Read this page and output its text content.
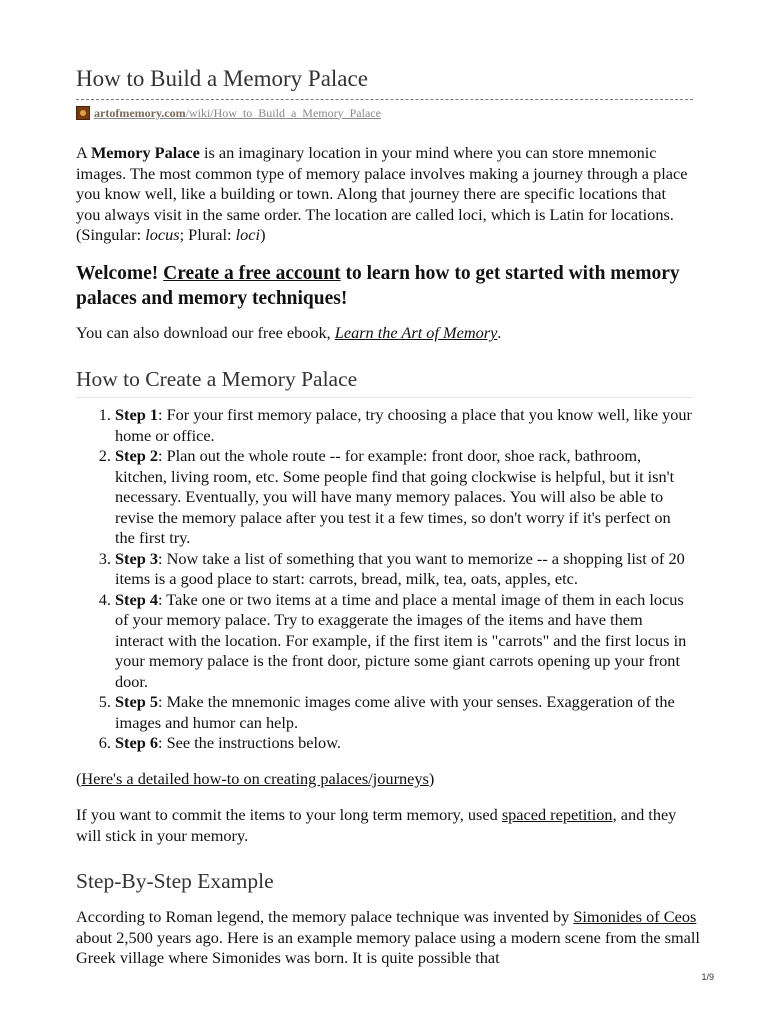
How to Build a Memory Palace
artofmemory.com/wiki/How_to_Build_a_Memory_Palace

A Memory Palace is an imaginary location in your mind where you can store mnemonic images. The most common type of memory palace involves making a journey through a place you know well, like a building or town. Along that journey there are specific locations that you always visit in the same order. The location are called loci, which is Latin for locations. (Singular: locus; Plural: loci)

Welcome! Create a free account to learn how to get started with memory palaces and memory techniques!

You can also download our free ebook, Learn the Art of Memory.

How to Create a Memory Palace
1. Step 1: For your first memory palace, try choosing a place that you know well, like your home or office.
2. Step 2: Plan out the whole route -- for example: front door, shoe rack, bathroom, kitchen, living room, etc. Some people find that going clockwise is helpful, but it isn't necessary. Eventually, you will have many memory palaces. You will also be able to revise the memory palace after you test it a few times, so don't worry if it's perfect on the first try.
3. Step 3: Now take a list of something that you want to memorize -- a shopping list of 20 items is a good place to start: carrots, bread, milk, tea, oats, apples, etc.
4. Step 4: Take one or two items at a time and place a mental image of them in each locus of your memory palace. Try to exaggerate the images of the items and have them interact with the location. For example, if the first item is "carrots" and the first locus in your memory palace is the front door, picture some giant carrots opening up your front door.
5. Step 5: Make the mnemonic images come alive with your senses. Exaggeration of the images and humor can help.
6. Step 6: See the instructions below.

(Here's a detailed how-to on creating palaces/journeys)

If you want to commit the items to your long term memory, used spaced repetition, and they will stick in your memory.

Step-By-Step Example

According to Roman legend, the memory palace technique was invented by Simonides of Ceos about 2,500 years ago. Here is an example memory palace using a modern scene from the small Greek village where Simonides was born. It is quite possible that

1/9
